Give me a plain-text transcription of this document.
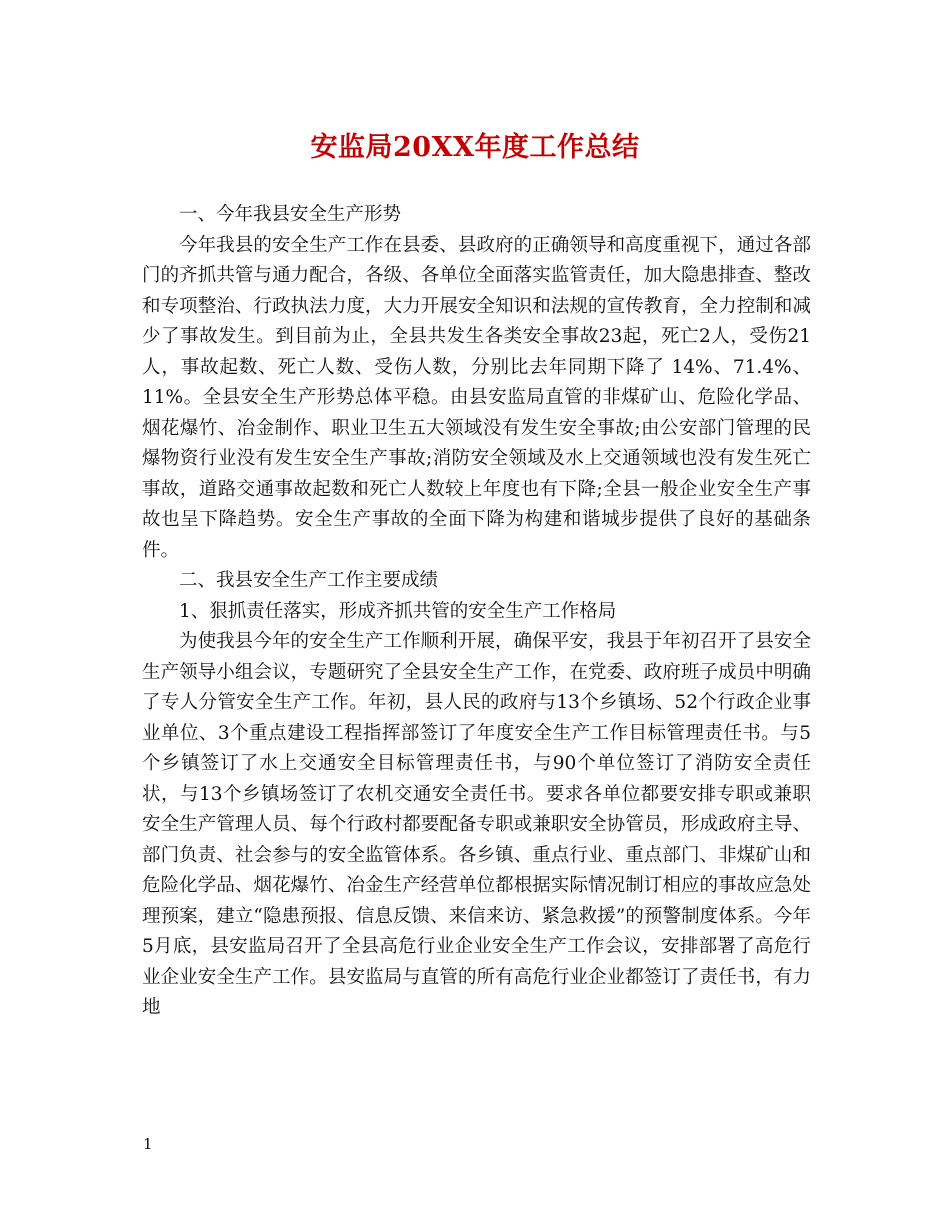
安监局20XX年度工作总结

一、今年我县安全生产形势

今年我县的安全生产工作在县委、县政府的正确领导和高度重视下，通过各部门的齐抓共管与通力配合，各级、各单位全面落实监管责任，加大隐患排查、整改和专项整治、行政执法力度，大力开展安全知识和法规的宣传教育，全力控制和减少了事故发生。到目前为止，全县共发生各类安全事故23起，死亡2人，受伤21人，事故起数、死亡人数、受伤人数，分别比去年同期下降了 14%、71.4%、11%。全县安全生产形势总体平稳。由县安监局直管的非煤矿山、危险化学品、烟花爆竹、冶金制作、职业卫生五大领域没有发生安全事故;由公安部门管理的民爆物资行业没有发生安全生产事故;消防安全领域及水上交通领域也没有发生死亡事故，道路交通事故起数和死亡人数较上年度也有下降;全县一般企业安全生产事故也呈下降趋势。安全生产事故的全面下降为构建和谐城步提供了良好的基础条件。

二、我县安全生产工作主要成绩

1、狠抓责任落实，形成齐抓共管的安全生产工作格局

为使我县今年的安全生产工作顺利开展，确保平安，我县于年初召开了县安全生产领导小组会议，专题研究了全县安全生产工作，在党委、政府班子成员中明确了专人分管安全生产工作。年初，县人民的政府与13个乡镇场、52个行政企业事业单位、3个重点建设工程指挥部签订了年度安全生产工作目标管理责任书。与5个乡镇签订了水上交通安全目标管理责任书，与90个单位签订了消防安全责任状，与13个乡镇场签订了农机交通安全责任书。要求各单位都要安排专职或兼职安全生产管理人员、每个行政村都要配备专职或兼职安全协管员，形成政府主导、部门负责、社会参与的安全监管体系。各乡镇、重点行业、重点部门、非煤矿山和危险化学品、烟花爆竹、冶金生产经营单位都根据实际情况制订相应的事故应急处理预案，建立“隐患预报、信息反馈、来信来访、紧急救援”的预警制度体系。今年5月底，县安监局召开了全县高危行业企业安全生产工作会议，安排部署了高危行业企业安全生产工作。县安监局与直管的所有高危行业企业都签订了责任书，有力地

1
